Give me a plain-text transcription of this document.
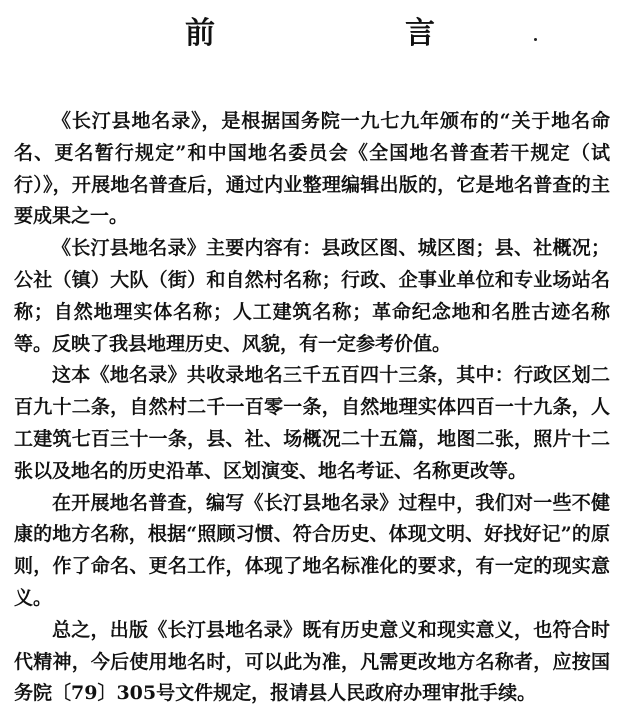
前　言

《长汀县地名录》，是根据国务院一九七九年颁布的“关于地名命名、更名暂行规定”和中国地名委员会《全国地名普查若干规定（试行）》，开展地名普查后，通过内业整理编辑出版的，它是地名普查的主要成果之一。

《长汀县地名录》主要内容有：县政区图、城区图；县、社概况；公社（镇）大队（街）和自然村名称；行政、企事业单位和专业场站名称；自然地理实体名称；人工建筑名称；革命纪念地和名胜古迹名称等。反映了我县地理历史、风貌，有一定参考价值。

这本《地名录》共收录地名三千五百四十三条，其中：行政区划二百九十二条，自然村二千一百零一条，自然地理实体四百一十九条，人工建筑七百三十一条，县、社、场概况二十五篇，地图二张，照片十二张以及地名的历史沿革、区划演变、地名考证、名称更改等。

在开展地名普查，编写《长汀县地名录》过程中，我们对一些不健康的地方名称，根据“照顾习惯、符合历史、体现文明、好找好记”的原则，作了命名、更名工作，体现了地名标准化的要求，有一定的现实意义。

总之，出版《长汀县地名录》既有历史意义和现实意义，也符合时代精神，今后使用地名时，可以此为准，凡需更改地方名称者，应按国务院〔79〕305号文件规定，报请县人民政府办理审批手续。
